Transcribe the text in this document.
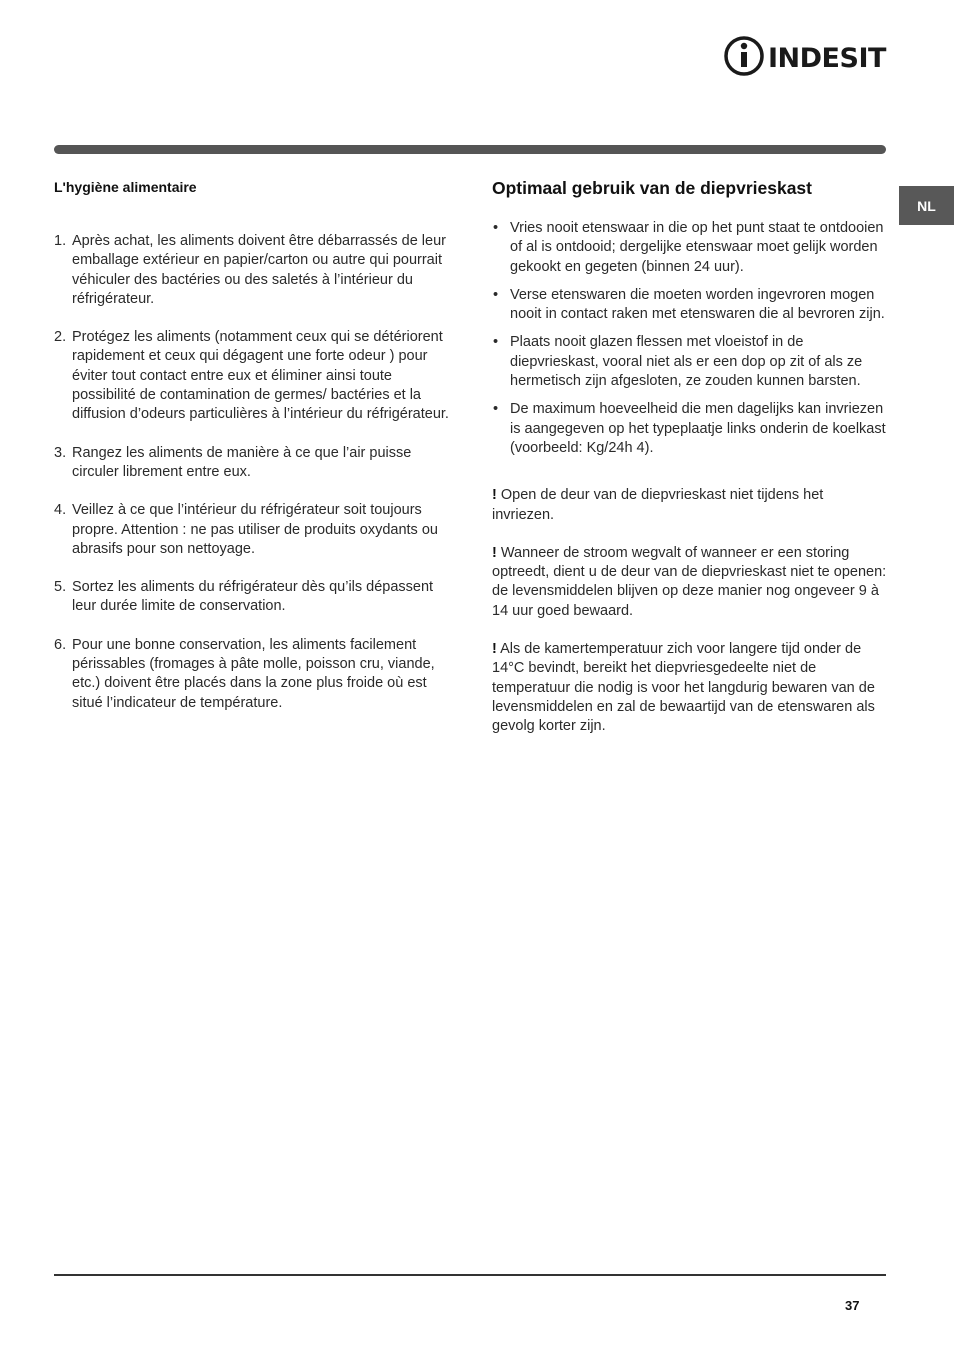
INDESIT
NL
L'hygiène alimentaire
1. Après achat, les aliments doivent être débarrassés de leur emballage extérieur en papier/carton ou autre qui pourrait véhiculer des bactéries ou des saletés à l’intérieur du réfrigérateur.
2. Protégez les aliments (notamment ceux qui se détériorent rapidement et ceux qui dégagent une forte odeur ) pour éviter tout contact entre eux et éliminer ainsi toute possibilité de contamination de germes/ bactéries et la diffusion d’odeurs particulières à l’intérieur du réfrigérateur.
3. Rangez les aliments de manière à ce que l’air puisse circuler librement entre eux.
4. Veillez à ce que l’intérieur du réfrigérateur soit toujours propre. Attention : ne pas utiliser de produits oxydants ou abrasifs pour son nettoyage.
5. Sortez les aliments du réfrigérateur dès qu’ils dépassent leur durée limite de conservation.
6. Pour une bonne conservation, les aliments facilement périssables (fromages à pâte molle, poisson cru, viande, etc.) doivent être placés dans la zone plus froide où est situé l’indicateur de température.
Optimaal gebruik van de diepvrieskast
• Vries nooit etenswaar in die op het punt staat te ontdooien of al is ontdooid; dergelijke etenswaar moet gelijk worden gekookt en gegeten (binnen 24 uur).
• Verse etenswaren die moeten worden ingevroren mogen nooit in contact raken met etenswaren die al bevroren zijn.
• Plaats nooit glazen flessen met vloeistof in de diepvrieskast, vooral niet als er een dop op zit of als ze hermetisch zijn afgesloten, ze zouden kunnen barsten.
• De maximum hoeveelheid die men dagelijks kan invriezen is aangegeven op het typeplaatje links onderin de koelkast (voorbeeld: Kg/24h 4).
! Open de deur van de diepvrieskast niet tijdens het invriezen.
! Wanneer de stroom wegvalt of wanneer er een storing optreedt, dient u de deur van de diepvrieskast niet te openen: de levensmiddelen blijven op deze manier nog ongeveer 9 à 14 uur goed bewaard.
! Als de kamertemperatuur zich voor langere tijd onder de 14°C bevindt, bereikt het diepvriesgedeelte niet de temperatuur die nodig is voor het langdurig bewaren van de levensmiddelen en zal de bewaartijd van de etenswaren als gevolg korter zijn.
37
